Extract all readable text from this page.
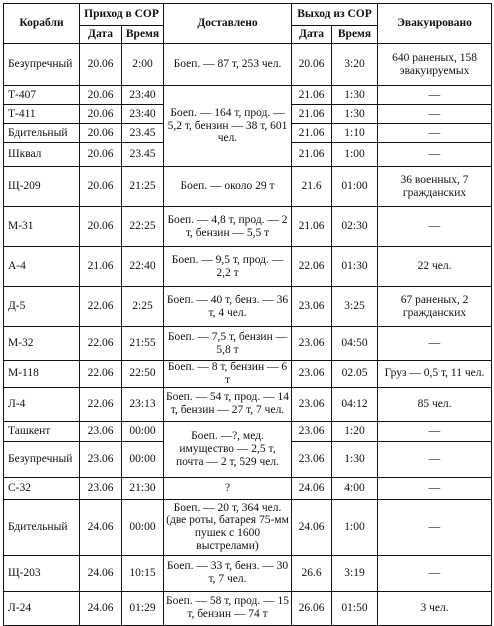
Корабли	Приход в СОР		Доставлено	Выход из СОР		Эвакуировано
	Дата	Время		Дата	Время	
Безупречный	20.06	2:00	Боеп. — 87 т, 253 чел.	20.06	3:20	640 раненых, 158 эвакуируемых
Т-407	20.06	23:40	Боеп. — 164 т, прод. — 5,2 т, бензин — 38 т, 601 чел.	21.06	1:30	—
Т-411	20.06	23:40		21.06	1:30	—
Бдительный	20.06	23.45		21.06	1:10	—
Шквал	20.06	23.45		21.06	1:00	—
Щ-209	20.06	21:25	Боеп. — около 29 т	21.6	01:00	36 военных, 7 гражданских
М-31	20.06	22:25	Боеп. — 4,8 т, прод. — 2 т, бензин — 5,5 т	21.06	02:30	—
А-4	21.06	22:40	Боеп. — 9,5 т, прод. — 2,2 т	22.06	01:30	22 чел.
Д-5	22.06	2:25	Боеп. — 40 т, бенз. — 36 т, 4 чел.	23.06	3:25	67 раненых, 2 гражданских
М-32	22.06	21:55	Боеп. — 7,5 т, бензин — 5,8 т	23.06	04:50	—
М-118	22.06	22:50	Боеп. — 8 т, бензин — 6 т	23.06	02.05	Груз — 0,5 т, 11 чел.
Л-4	22.06	23:13	Боеп. — 54 т, прод. — 14 т, бензин — 27 т, 7 чел.	23.06	04:12	85 чел.
Ташкент	23.06	00:00	Боеп. —?, мед. имущество — 2,5 т, почта — 2 т, 529 чел.	23.06	1:20	—
Безупречный	23.06	00:00		23.06	1:30	—
С-32	23.06	21:30	?	24.06	4:00	—
Бдительный	24.06	00:00	Боеп. — 20 т, 364 чел. (две роты, батарея 75-мм пушек с 1600 выстрелами)	24.06	1:00	—
Щ-203	24.06	10:15	Боеп. — 33 т, бенз. — 30 т, 7 чел.	26.6	3:19	—
Л-24	24.06	01:29	Боеп. — 58 т, прод. — 15 т, бензин — 74 т	26.06	01:50	3 чел.
